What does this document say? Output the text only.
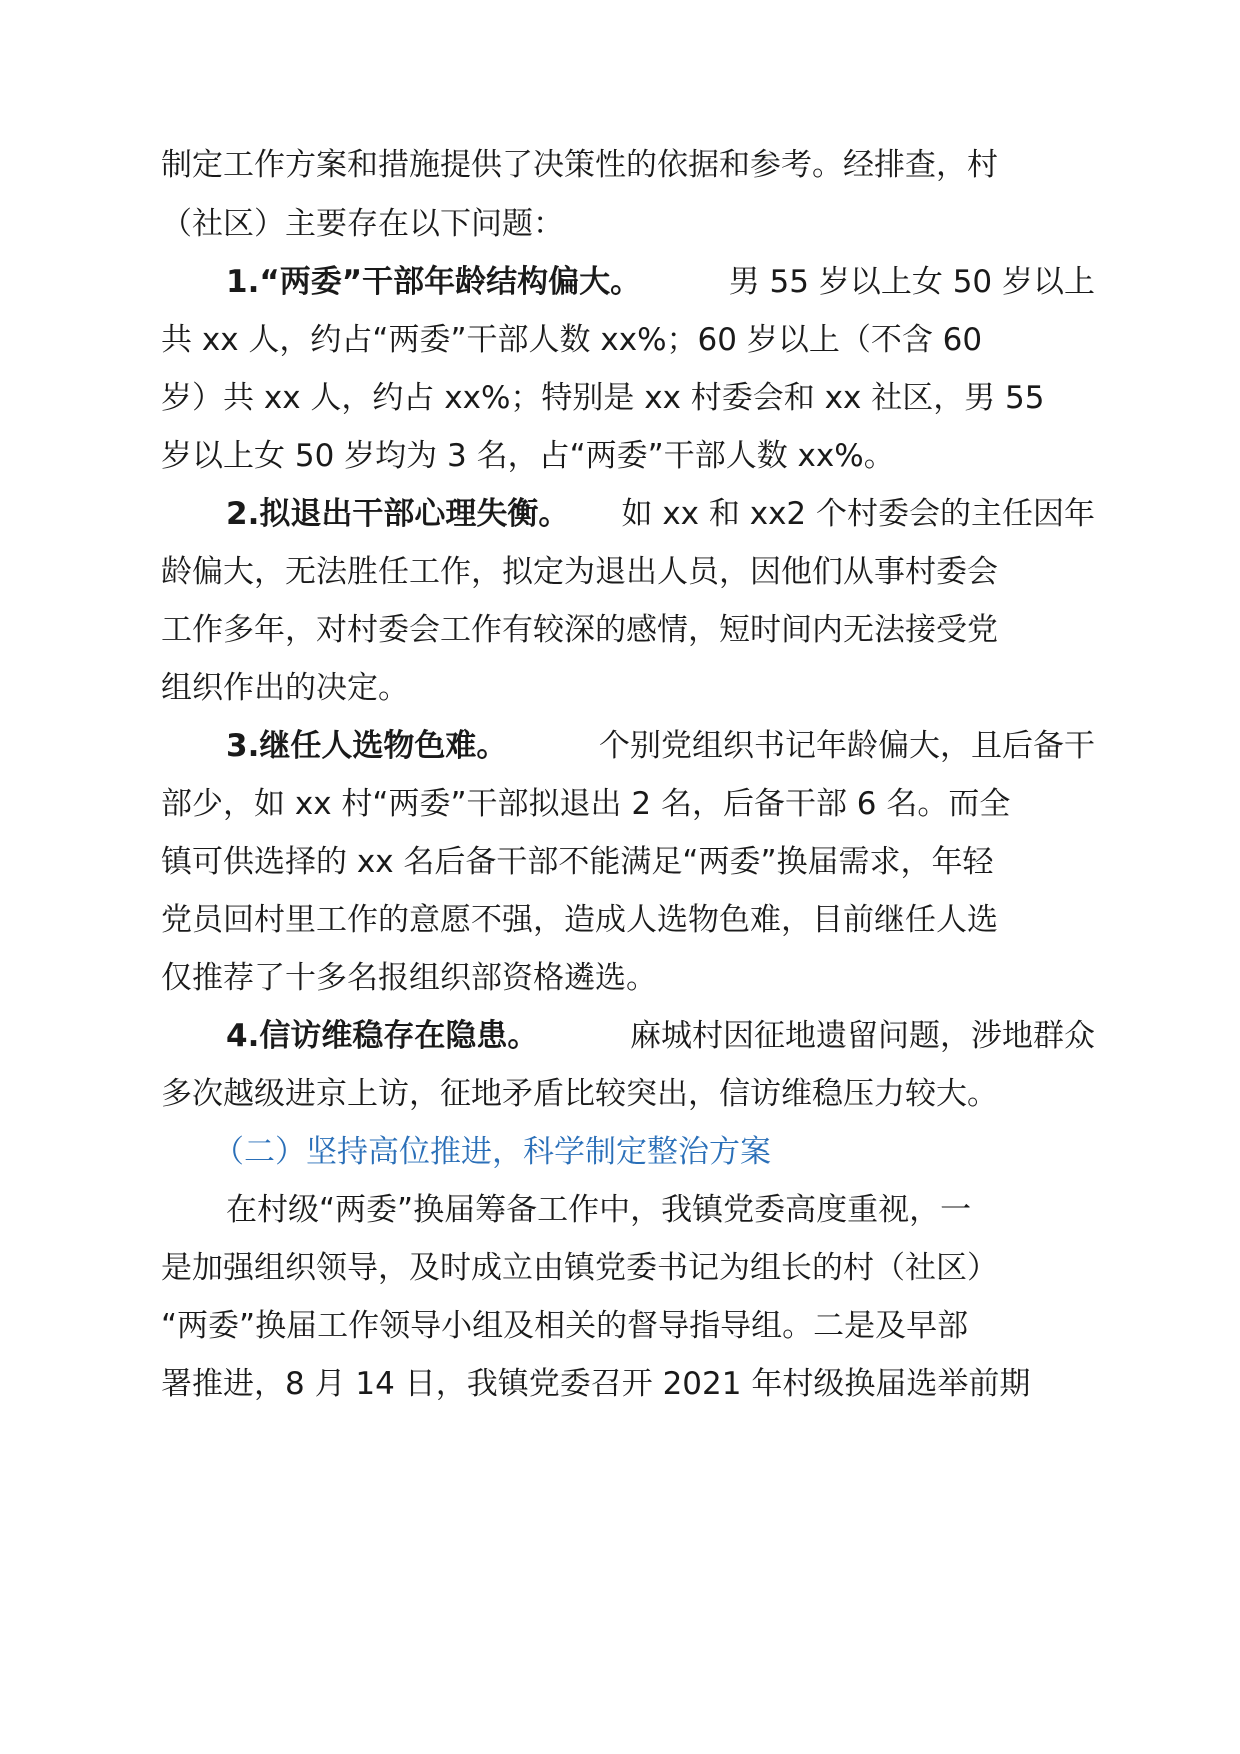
制定工作方案和措施提供了决策性的依据和参考。经排查，村
（社区）主要存在以下问题：
1.“两委”干部年龄结构偏大。	男 55 岁以上女 50 岁以上
共 xx 人，约占“两委”干部人数 xx%；60 岁以上（不含 60
岁）共 xx 人，约占 xx%；特别是 xx 村委会和 xx 社区，男 55
岁以上女 50 岁均为 3 名，占“两委”干部人数 xx%。
2.拟退出干部心理失衡。 如 xx 和 xx2 个村委会的主任因年
龄偏大，无法胜任工作，拟定为退出人员，因他们从事村委会
工作多年，对村委会工作有较深的感情，短时间内无法接受党
组织作出的决定。
3.继任人选物色难。	个别党组织书记年龄偏大，且后备干
部少，如 xx 村“两委”干部拟退出 2 名，后备干部 6 名。而全
镇可供选择的 xx 名后备干部不能满足“两委”换届需求，年轻
党员回村里工作的意愿不强，造成人选物色难，目前继任人选
仅推荐了十多名报组织部资格遴选。
4.信访维稳存在隐患。	麻城村因征地遗留问题，涉地群众
多次越级进京上访，征地矛盾比较突出，信访维稳压力较大。
（二）坚持高位推进，科学制定整治方案
在村级“两委”换届筹备工作中，我镇党委高度重视，一
是加强组织领导，及时成立由镇党委书记为组长的村（社区）
“两委”换届工作领导小组及相关的督导指导组。二是及早部
署推进，8 月 14 日，我镇党委召开 2021 年村级换届选举前期
